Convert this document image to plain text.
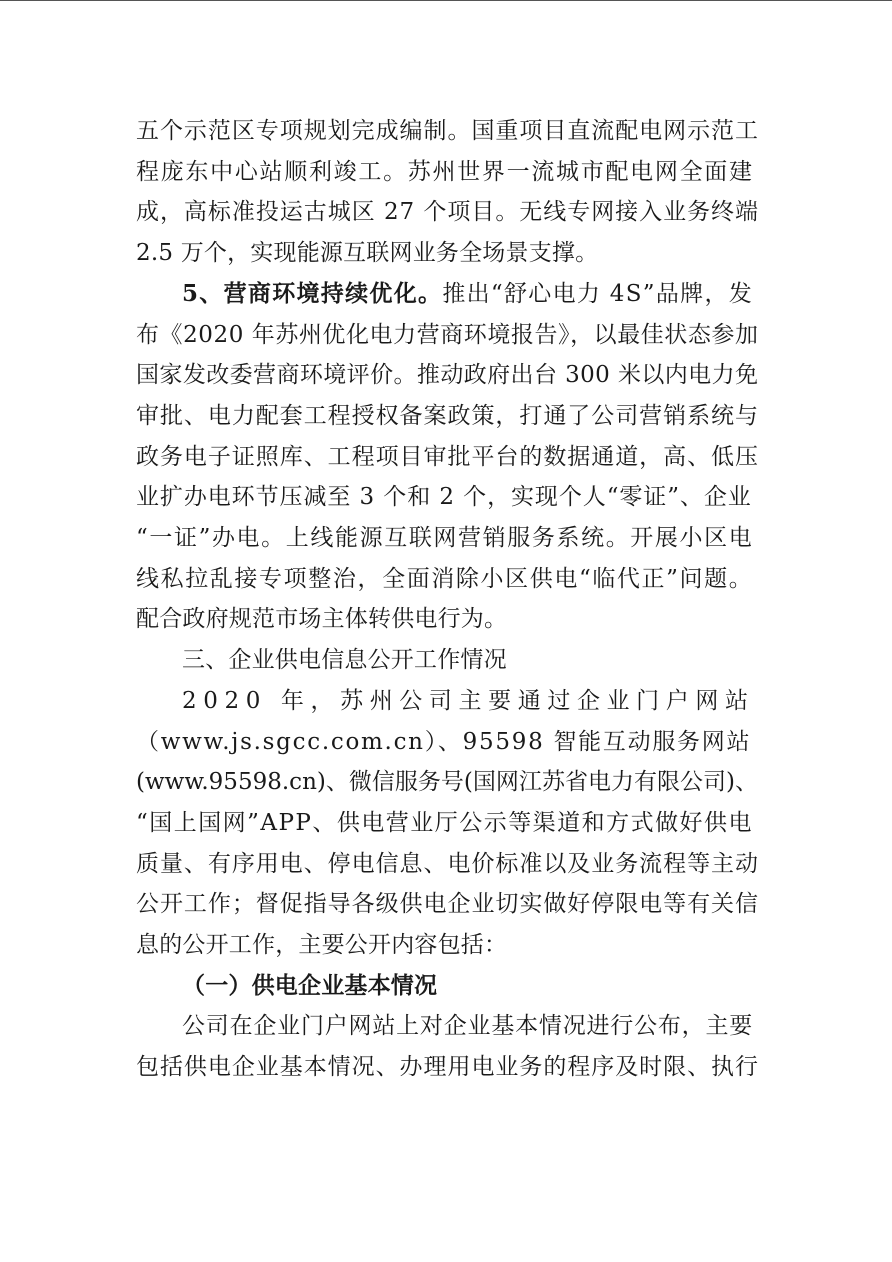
五个示范区专项规划完成编制。国重项目直流配电网示范工
程庞东中心站顺利竣工。苏州世界一流城市配电网全面建
成，高标准投运古城区 27 个项目。无线专网接入业务终端
2.5 万个，实现能源互联网业务全场景支撑。
5、营商环境持续优化。推出“舒心电力 4S”品牌，发
布《2020 年苏州优化电力营商环境报告》，以最佳状态参加
国家发改委营商环境评价。推动政府出台 300 米以内电力免
审批、电力配套工程授权备案政策，打通了公司营销系统与
政务电子证照库、工程项目审批平台的数据通道，高、低压
业扩办电环节压减至 3 个和 2 个，实现个人“零证”、企业
“一证”办电。上线能源互联网营销服务系统。开展小区电
线私拉乱接专项整治，全面消除小区供电“临代正”问题。
配合政府规范市场主体转供电行为。
三、企业供电信息公开工作情况
2020 年，苏州公司主要通过企业门户网站
（www.js.sgcc.com.cn）、95598 智能互动服务网站
(www.95598.cn)、微信服务号(国网江苏省电力有限公司)、
“国上国网”APP、供电营业厅公示等渠道和方式做好供电
质量、有序用电、停电信息、电价标准以及业务流程等主动
公开工作；督促指导各级供电企业切实做好停限电等有关信
息的公开工作，主要公开内容包括：
（一）供电企业基本情况
公司在企业门户网站上对企业基本情况进行公布，主要
包括供电企业基本情况、办理用电业务的程序及时限、执行
